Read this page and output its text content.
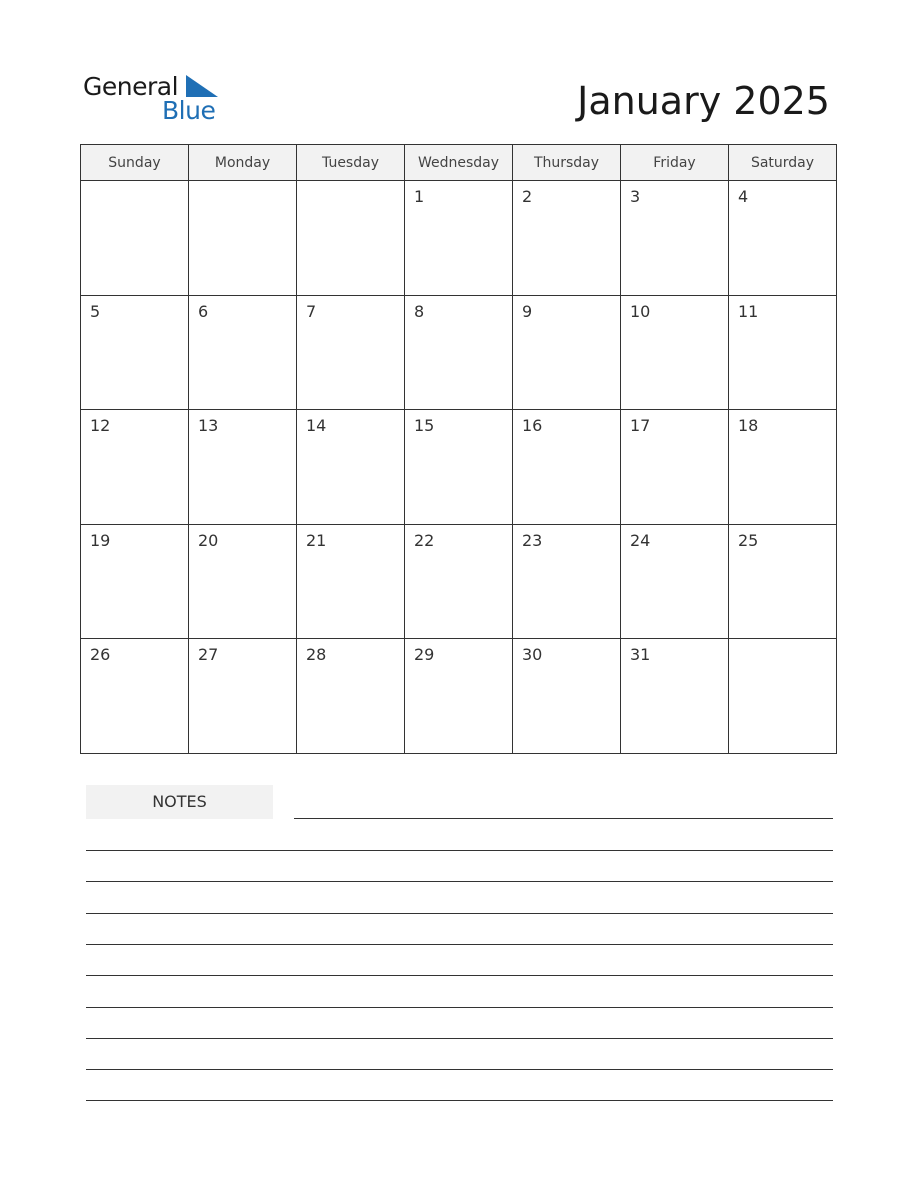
General
Blue	January 2025
Sunday	Monday	Tuesday	Wednesday	Thursday	Friday	Saturday

			1	2	3	4

5	6	7	8	9	10	11

12	13	14	15	16	17	18

19	20	21	22	23	24	25

26	27	28	29	30	31	

NOTES
